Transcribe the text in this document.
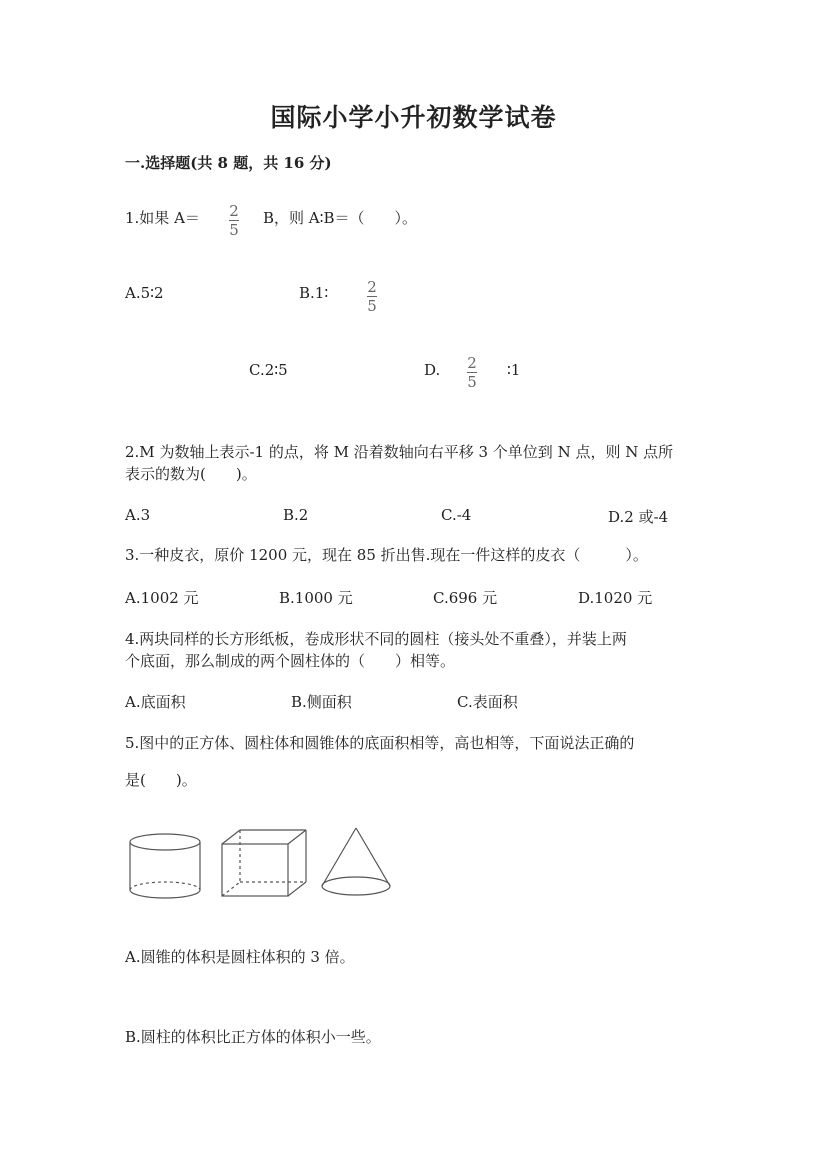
国际小学小升初数学试卷
一.选择题(共 8 题，共 16 分)
1.如果 A＝ 2
5
B，则 A∶B＝（　　）。
A.5∶2	B.1∶	2
5
C.2∶5	D. 2
5
∶1
2.M 为数轴上表示-1 的点，将 M 沿着数轴向右平移 3 个单位到 N 点，则 N 点所
表示的数为(　　)。
A.3	B.2	C.-4	D.2 或-4
3.一种皮衣，原价 1200 元，现在 85 折出售.现在一件这样的皮衣（　　　）。
A.1002 元	B.1000 元	C.696 元	D.1020 元
4.两块同样的长方形纸板，卷成形状不同的圆柱（接头处不重叠），并装上两
个底面，那么制成的两个圆柱体的（　　）相等。
A.底面积	B.侧面积	C.表面积
5.图中的正方体、圆柱体和圆锥体的底面积相等，高也相等，下面说法正确的
是(　　)。
A.圆锥的体积是圆柱体积的 3 倍。
B.圆柱的体积比正方体的体积小一些。
